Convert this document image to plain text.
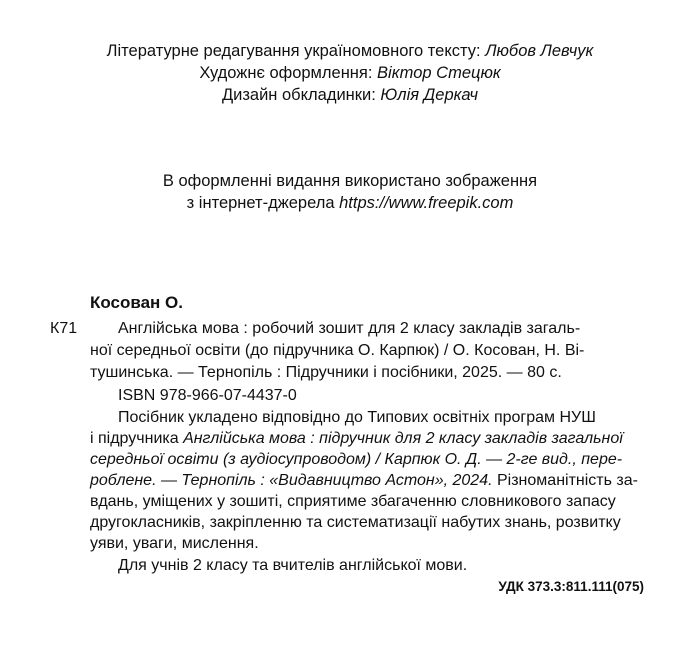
Літературне редагування україномовного тексту: Любов Левчук
Художнє оформлення: Віктор Стецюк
Дизайн обкладинки: Юлія Деркач
В оформленні видання використано зображення
з інтернет-джерела https://www.freepik.com
Косован О.
К71	Англійська мова : робочий зошит для 2 класу закладів загаль-
ної середньої освіти (до підручника О. Карпюк) / О. Косован, Н. Ві-
тушинська. — Тернопіль : Підручники і посібники, 2025. — 80 с.
ISBN 978-966-07-4437-0
Посібник укладено відповідно до Типових освітніх програм НУШ
і підручника Англійська мова : підручник для 2 класу закладів загальної
середньої освіти (з аудіосупроводом) / Карпюк О. Д. — 2-ге вид., пере-
роблене. — Тернопіль : «Видавництво Астон», 2024. Різноманітність за-
вдань, уміщених у зошиті, сприятиме збагаченню словникового запасу
другокласників, закріпленню та систематизації набутих знань, розвитку
уяви, уваги, мислення.
Для учнів 2 класу та вчителів англійської мови.
УДК 373.3:811.111(075)
